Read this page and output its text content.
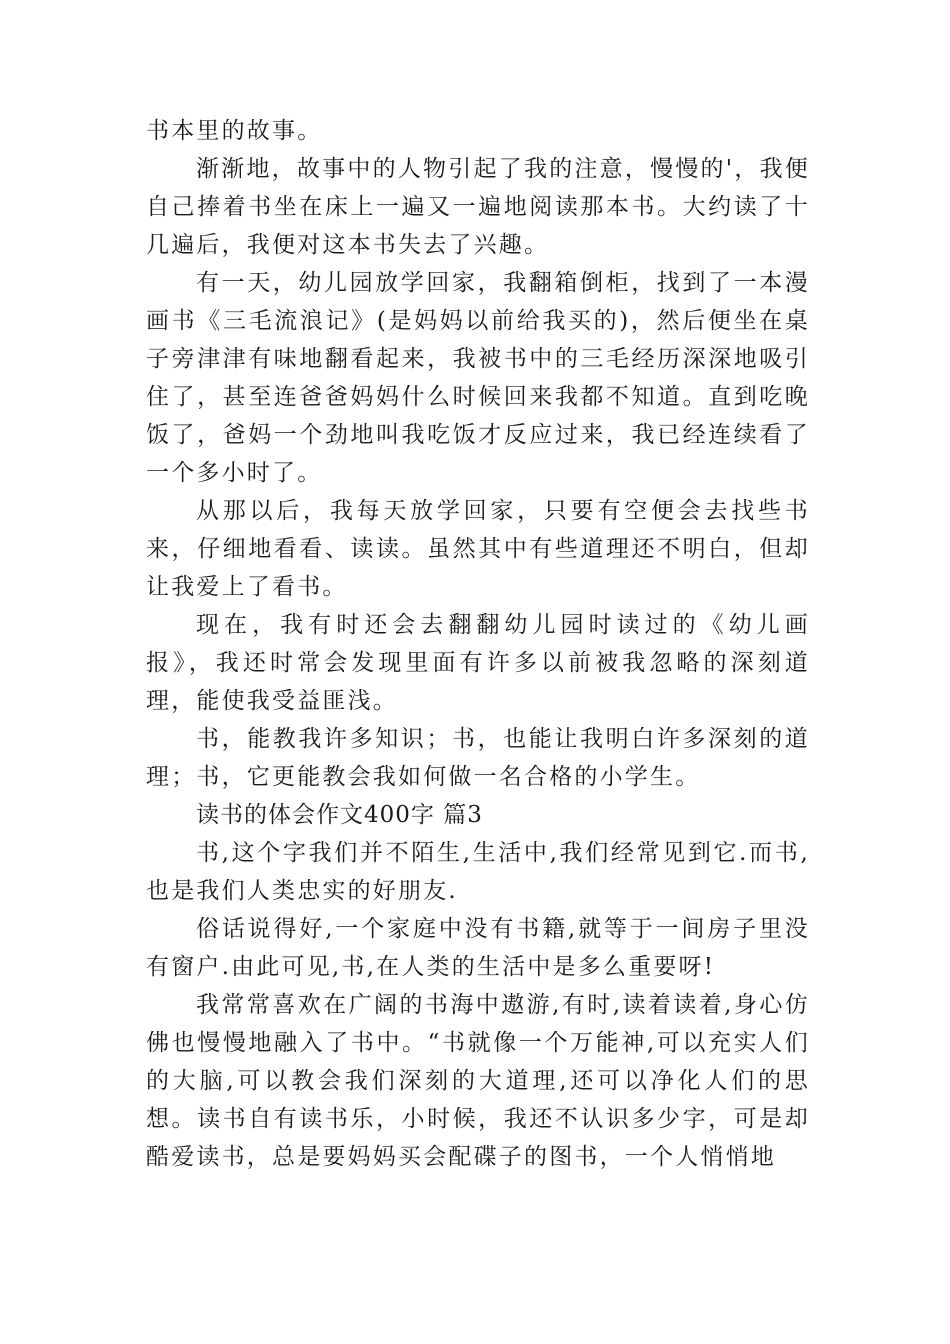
书本里的故事。

渐渐地，故事中的人物引起了我的注意，慢慢的'，我便自己捧着书坐在床上一遍又一遍地阅读那本书。大约读了十几遍后，我便对这本书失去了兴趣。

有一天，幼儿园放学回家，我翻箱倒柜，找到了一本漫画书《三毛流浪记》(是妈妈以前给我买的)，然后便坐在桌子旁津津有味地翻看起来，我被书中的三毛经历深深地吸引住了，甚至连爸爸妈妈什么时候回来我都不知道。直到吃晚饭了，爸妈一个劲地叫我吃饭才反应过来，我已经连续看了一个多小时了。

从那以后，我每天放学回家，只要有空便会去找些书来，仔细地看看、读读。虽然其中有些道理还不明白，但却让我爱上了看书。

现在，我有时还会去翻翻幼儿园时读过的《幼儿画报》，我还时常会发现里面有许多以前被我忽略的深刻道理，能使我受益匪浅。

书，能教我许多知识；书，也能让我明白许多深刻的道理；书，它更能教会我如何做一名合格的小学生。

读书的体会作文400字 篇3

书,这个字我们并不陌生,生活中,我们经常见到它.而书,也是我们人类忠实的好朋友.

俗话说得好,一个家庭中没有书籍,就等于一间房子里没有窗户.由此可见,书,在人类的生活中是多么重要呀!

我常常喜欢在广阔的书海中遨游,有时,读着读着,身心仿佛也慢慢地融入了书中。“书就像一个万能神,可以充实人们的大脑,可以教会我们深刻的大道理,还可以净化人们的思想。读书自有读书乐，小时候，我还不认识多少字，可是却酷爱读书，总是要妈妈买会配碟子的图书，一个人悄悄地
